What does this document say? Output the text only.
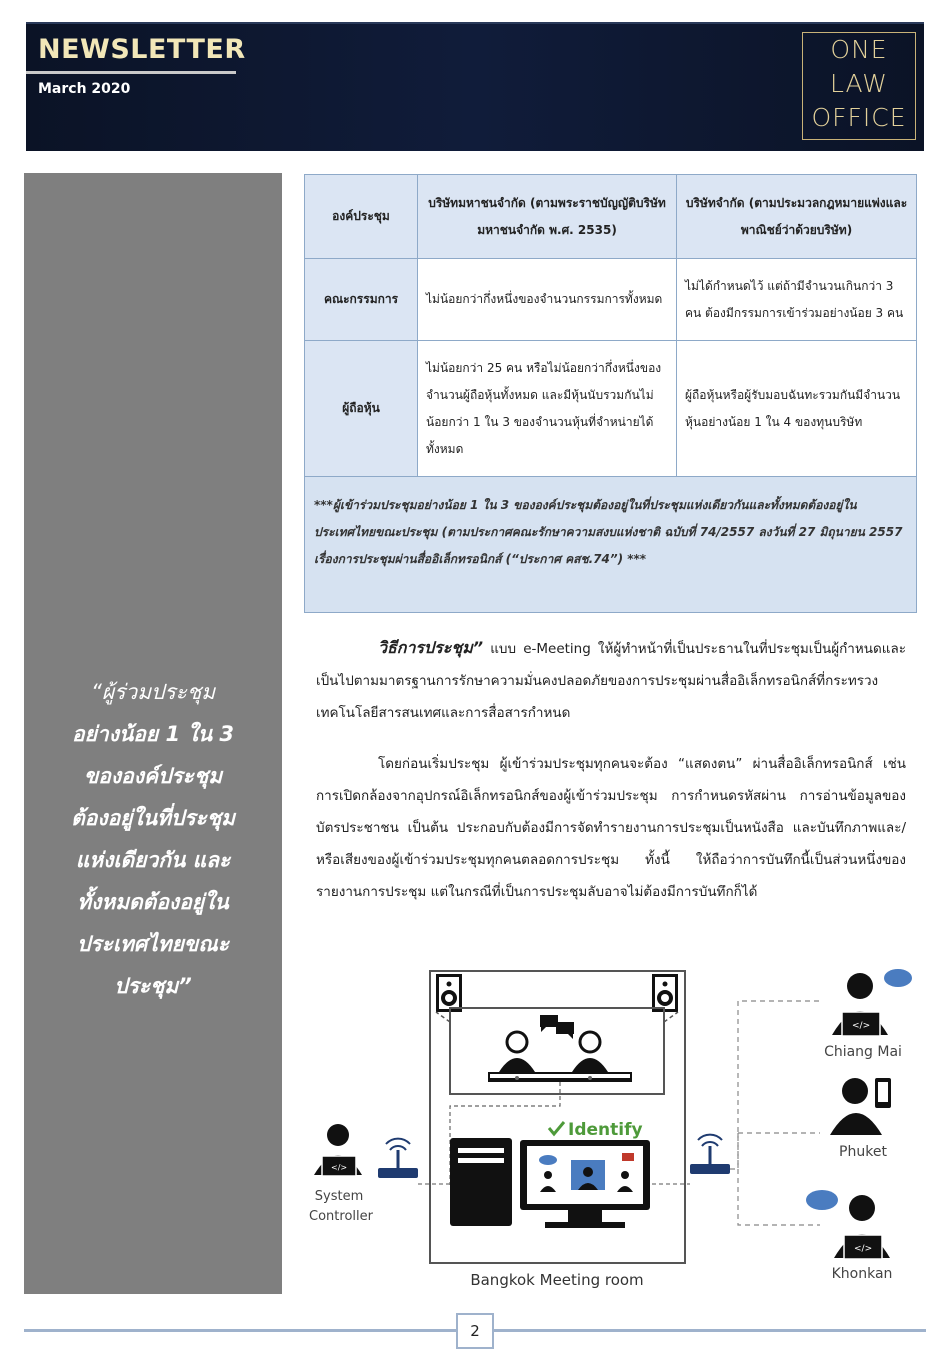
NEWSLETTER
March 2020
ONE
LAW
OFFICE
“ผู้ร่วมประชุม
อย่างน้อย 1 ใน 3
ขององค์ประชุม
ต้องอยู่ในที่ประชุม
แห่งเดียวกัน และ
ทั้งหมดต้องอยู่ใน
ประเทศไทยขณะ
ประชุม”
องค์ประชุม	บริษัทมหาชนจำกัด (ตามพระราชบัญญัติบริษัทมหาชนจำกัด พ.ศ. 2535)	บริษัทจำกัด (ตามประมวลกฎหมายแพ่งและพาณิชย์ว่าด้วยบริษัท)
คณะกรรมการ	ไม่น้อยกว่ากึ่งหนึ่งของจำนวนกรรมการทั้งหมด	ไม่ได้กำหนดไว้ แต่ถ้ามีจำนวนเกินกว่า 3 คน ต้องมีกรรมการเข้าร่วมอย่างน้อย 3 คน
ผู้ถือหุ้น	ไม่น้อยกว่า 25 คน หรือไม่น้อยกว่ากึ่งหนึ่งของจำนวนผู้ถือหุ้นทั้งหมด และมีหุ้นนับรวมกันไม่น้อยกว่า 1 ใน 3 ของจำนวนหุ้นที่จำหน่ายได้ทั้งหมด	ผู้ถือหุ้นหรือผู้รับมอบฉันทะรวมกันมีจำนวนหุ้นอย่างน้อย 1 ใน 4 ของทุนบริษัท
***ผู้เข้าร่วมประชุมอย่างน้อย 1 ใน 3 ขององค์ประชุมต้องอยู่ในที่ประชุมแห่งเดียวกันและทั้งหมดต้องอยู่ในประเทศไทยขณะประชุม (ตามประกาศคณะรักษาความสงบแห่งชาติ ฉบับที่ 74/2557 ลงวันที่ 27 มิถุนายน 2557 เรื่องการประชุมผ่านสื่ออิเล็กทรอนิกส์ (“ประกาศ คสช.74”) ***
วิธีการประชุม” แบบ e-Meeting ให้ผู้ทำหน้าที่เป็นประธานในที่ประชุมเป็นผู้กำหนดและเป็นไปตามมาตรฐานการรักษาความมั่นคงปลอดภัยของการประชุมผ่านสื่ออิเล็กทรอนิกส์ที่กระทรวงเทคโนโลยีสารสนเทศและการสื่อสารกำหนด
โดยก่อนเริ่มประชุม ผู้เข้าร่วมประชุมทุกคนจะต้อง “แสดงตน” ผ่านสื่ออิเล็กทรอนิกส์ เช่น การเปิดกล้องจากอุปกรณ์อิเล็กทรอนิกส์ของผู้เข้าร่วมประชุม การกำหนดรหัสผ่าน การอ่านข้อมูลของบัตรประชาชน เป็นต้น ประกอบกับต้องมีการจัดทำรายงานการประชุมเป็นหนังสือ และบันทึกภาพและ/หรือเสียงของผู้เข้าร่วมประชุมทุกคนตลอดการประชุม ทั้งนี้ ให้ถือว่าการบันทึกนี้เป็นส่วนหนึ่งของรายงานการประชุม แต่ในกรณีที่เป็นการประชุมลับอาจไม่ต้องมีการบันทึกก็ได้
Identify
</>
System
Controller
</>
Chiang Mai
Phuket
</>
Khonkan
Bangkok Meeting room
2
